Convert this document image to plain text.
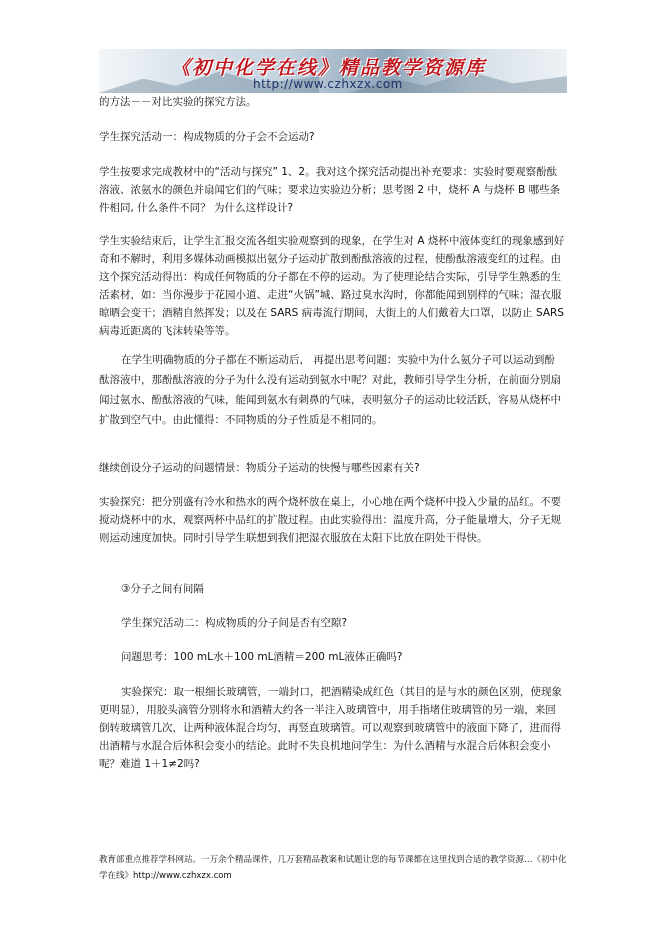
《初中化学在线》精品教学资源库
http://www.czhxzx.com

的方法－－对比实验的探究方法。

学生探究活动一：构成物质的分子会不会运动?

学生按要求完成教材中的“活动与探究” 1、2。我对这个探究活动提出补充要求：实验时要观察酚酞溶液、浓氨水的颜色并扇闻它们的气味；要求边实验边分析；思考图 2 中，烧杯 A 与烧杯 B 哪些条件相同, 什么条件不同？ 为什么这样设计?

学生实验结束后，让学生汇报交流各组实验观察到的现象，在学生对 A 烧杯中液体变红的现象感到好奇和不解时，利用多媒体动画模拟出氨分子运动扩散到酚酞溶液的过程，使酚酞溶液变红的过程。由这个探究活动得出：构成任何物质的分子都在不停的运动。为了使理论结合实际，引导学生熟悉的生活素材，如：当你漫步于花园小道、走进“火锅”城、路过臭水沟时，你都能闻到别样的气味；湿衣服晾晒会变干；酒精自然挥发；以及在 SARS 病毒流行期间，大街上的人们戴着大口罩，以防止 SARS 病毒近距离的飞沫转染等等。

在学生明确物质的分子都在不断运动后， 再提出思考问题：实验中为什么氨分子可以运动到酚酞溶液中，那酚酞溶液的分子为什么没有运动到氨水中呢？对此，教师引导学生分析，在前面分别扇闻过氨水、酚酞溶液的气味，能闻到氨水有刺鼻的气味，表明氨分子的运动比较活跃，容易从烧杯中扩散到空气中。由此懂得：不同物质的分子性质是不相同的。

继续创设分子运动的问题情景：物质分子运动的快慢与哪些因素有关?

实验探究：把分别盛有冷水和热水的两个烧杯放在桌上，小心地在两个烧杯中投入少量的品红。不要搅动烧杯中的水，观察两杯中品红的扩散过程。由此实验得出：温度升高，分子能量增大，分子无规则运动速度加快。同时引导学生联想到我们把湿衣服放在太阳下比放在阴处干得快。

③分子之间有间隔

学生探究活动二：构成物质的分子间是否有空隙?

问题思考：100 mL水＋100 mL酒精＝200 mL液体正确吗?

实验探究：取一根细长玻璃管，一端封口，把酒精染成红色（其目的是与水的颜色区别，使现象更明显），用胶头滴管分别将水和酒精大约各一半注入玻璃管中，用手指堵住玻璃管的另一端，来回倒转玻璃管几次，让两种液体混合均匀，再竖直玻璃管。可以观察到玻璃管中的液面下降了，进而得出酒精与水混合后体积会变小的结论。此时不失良机地问学生：为什么酒精与水混合后体积会变小呢？难道 1＋1≠2吗?

教育部重点推荐学科网站。一万余个精品课件，几万套精品教案和试题让您的每节课都在这里找到合适的教学资源…《初中化学在线》http://www.czhxzx.com
